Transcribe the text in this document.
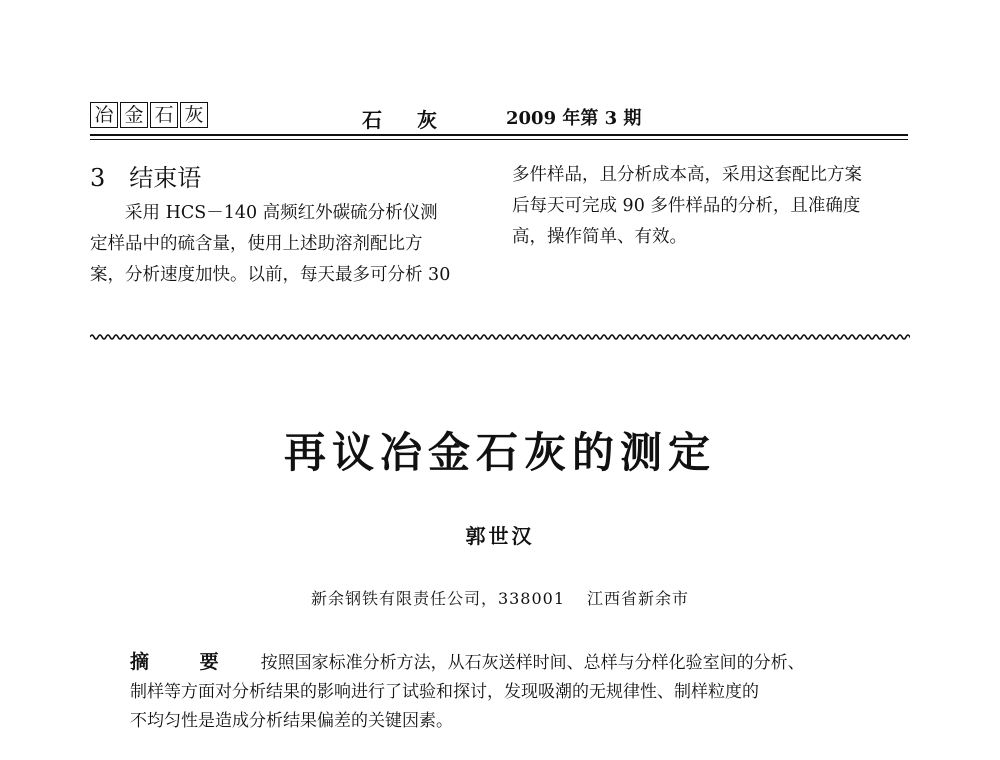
冶 金 石 灰	石 灰	2009 年第 3 期
3 结束语

采用 HCS－140 高频红外碳硫分析仪测

定样品中的硫含量，使用上述助溶剂配比方

案，分析速度加快。以前，每天最多可分析 30

多件样品，且分析成本高，采用这套配比方案

后每天可完成 90 多件样品的分析，且准确度

高，操作简单、有效。

再议冶金石灰的测定
郭世汉
新余钢铁有限责任公司，338001 江西省新余市
摘 要 按照国家标准分析方法，从石灰送样时间、总样与分样化验室间的分析、
制样等方面对分析结果的影响进行了试验和探讨，发现吸潮的无规律性、制样粒度的
不均匀性是造成分析结果偏差的关键因素。
